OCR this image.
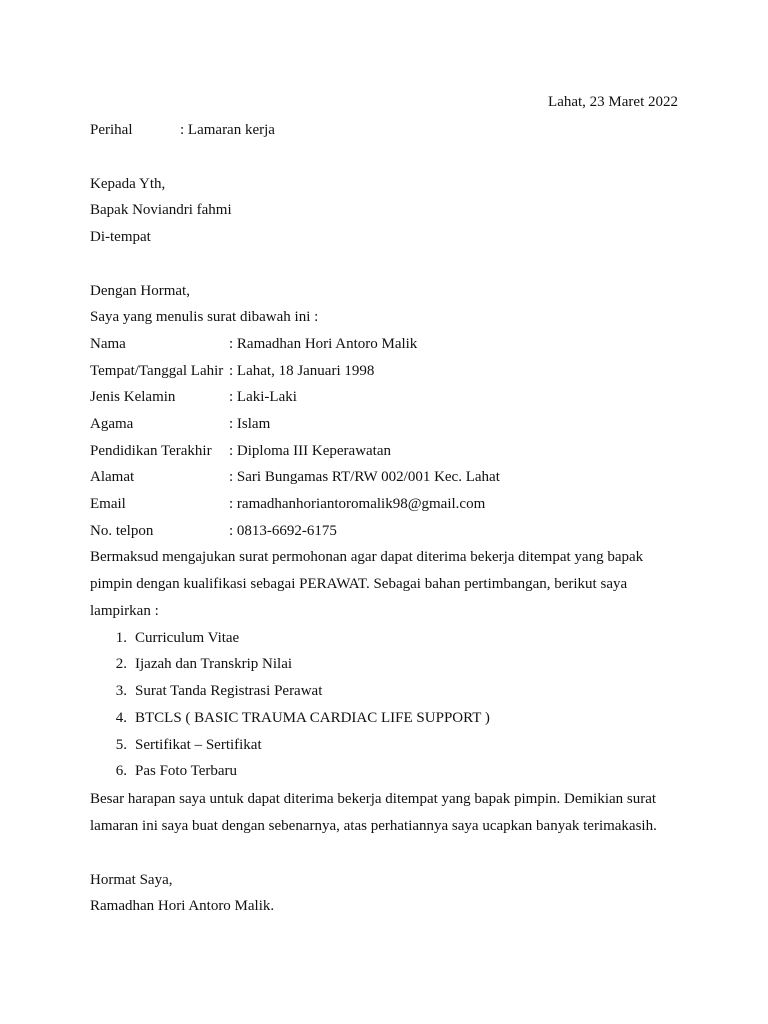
Lahat, 23 Maret 2022
Perihal	: Lamaran kerja
Kepada Yth,
Bapak Noviandri fahmi
Di-tempat
Dengan Hormat,
Saya yang menulis surat dibawah ini :
Nama	: Ramadhan Hori Antoro Malik
Tempat/Tanggal Lahir : Lahat, 18 Januari 1998
Jenis Kelamin	: Laki-Laki
Agama	: Islam
Pendidikan Terakhir : Diploma III Keperawatan
Alamat	: Sari Bungamas RT/RW 002/001 Kec. Lahat
Email	: ramadhanhoriantoromalik98@gmail.com
No. telpon	: 0813-6692-6175
Bermaksud mengajukan surat permohonan agar dapat diterima bekerja ditempat yang bapak
pimpin dengan kualifikasi sebagai PERAWAT. Sebagai bahan pertimbangan, berikut saya
lampirkan :
1. Curriculum Vitae
2. Ijazah dan Transkrip Nilai
3. Surat Tanda Registrasi Perawat
4. BTCLS ( BASIC TRAUMA CARDIAC LIFE SUPPORT )
5. Sertifikat – Sertifikat
6. Pas Foto Terbaru
Besar harapan saya untuk dapat diterima bekerja ditempat yang bapak pimpin. Demikian surat
lamaran ini saya buat dengan sebenarnya, atas perhatiannya saya ucapkan banyak terimakasih.
Hormat Saya,
Ramadhan Hori Antoro Malik.
